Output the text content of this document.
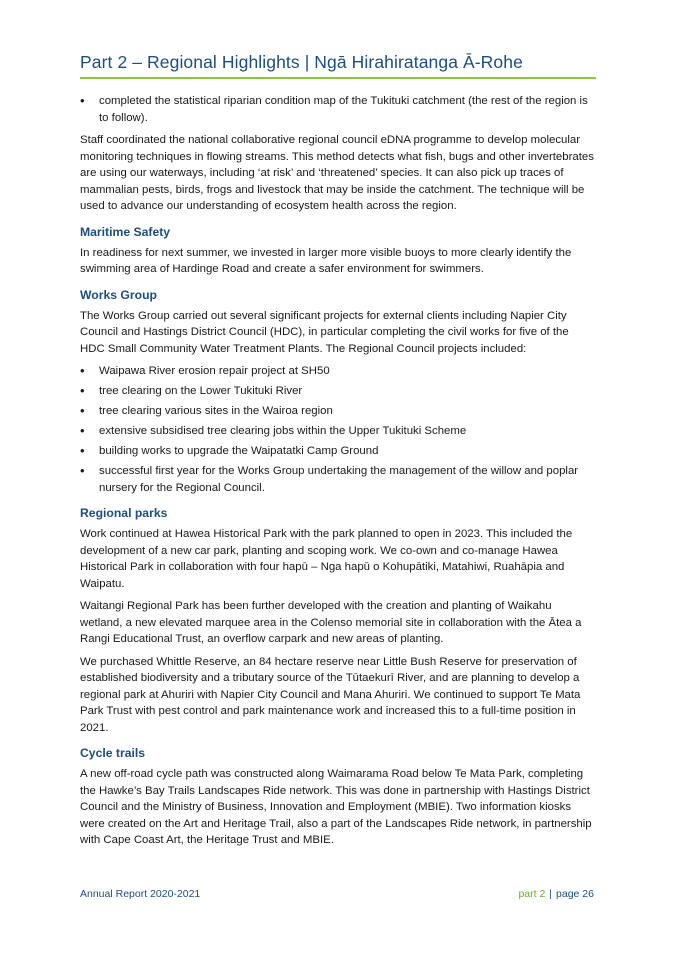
Part 2 – Regional Highlights | Ngā Hirahiratanga Ā-Rohe
• completed the statistical riparian condition map of the Tukituki catchment (the rest of the region is to follow).

Staff coordinated the national collaborative regional council eDNA programme to develop molecular monitoring techniques in flowing streams. This method detects what fish, bugs and other invertebrates are using our waterways, including ‘at risk’ and ‘threatened’ species. It can also pick up traces of mammalian pests, birds, frogs and livestock that may be inside the catchment. The technique will be used to advance our understanding of ecosystem health across the region.

Maritime Safety

In readiness for next summer, we invested in larger more visible buoys to more clearly identify the swimming area of Hardinge Road and create a safer environment for swimmers.

Works Group

The Works Group carried out several significant projects for external clients including Napier City Council and Hastings District Council (HDC), in particular completing the civil works for five of the HDC Small Community Water Treatment Plants. The Regional Council projects included:

• Waipawa River erosion repair project at SH50
• tree clearing on the Lower Tukituki River
• tree clearing various sites in the Wairoa region
• extensive subsidised tree clearing jobs within the Upper Tukituki Scheme
• building works to upgrade the Waipatatki Camp Ground
• successful first year for the Works Group undertaking the management of the willow and poplar nursery for the Regional Council.
Regional parks

Work continued at Hawea Historical Park with the park planned to open in 2023. This included the development of a new car park, planting and scoping work. We co-own and co-manage Hawea Historical Park in collaboration with four hapū – Nga hapū o Kohupātiki, Matahiwi, Ruahāpia and Waipatu.

Waitangi Regional Park has been further developed with the creation and planting of Waikahu wetland, a new elevated marquee area in the Colenso memorial site in collaboration with the Ātea a Rangi Educational Trust, an overflow carpark and new areas of planting.

We purchased Whittle Reserve, an 84 hectare reserve near Little Bush Reserve for preservation of established biodiversity and a tributary source of the Tūtaekurī River, and are planning to develop a regional park at Ahuriri with Napier City Council and Mana Ahuriri. We continued to support Te Mata Park Trust with pest control and park maintenance work and increased this to a full-time position in 2021.

Cycle trails

A new off-road cycle path was constructed along Waimarama Road below Te Mata Park, completing the Hawke’s Bay Trails Landscapes Ride network. This was done in partnership with Hastings District Council and the Ministry of Business, Innovation and Employment (MBIE). Two information kiosks were created on the Art and Heritage Trail, also a part of the Landscapes Ride network, in partnership with Cape Coast Art, the Heritage Trust and MBIE.

Annual Report 2020-2021	part 2 | page 26
